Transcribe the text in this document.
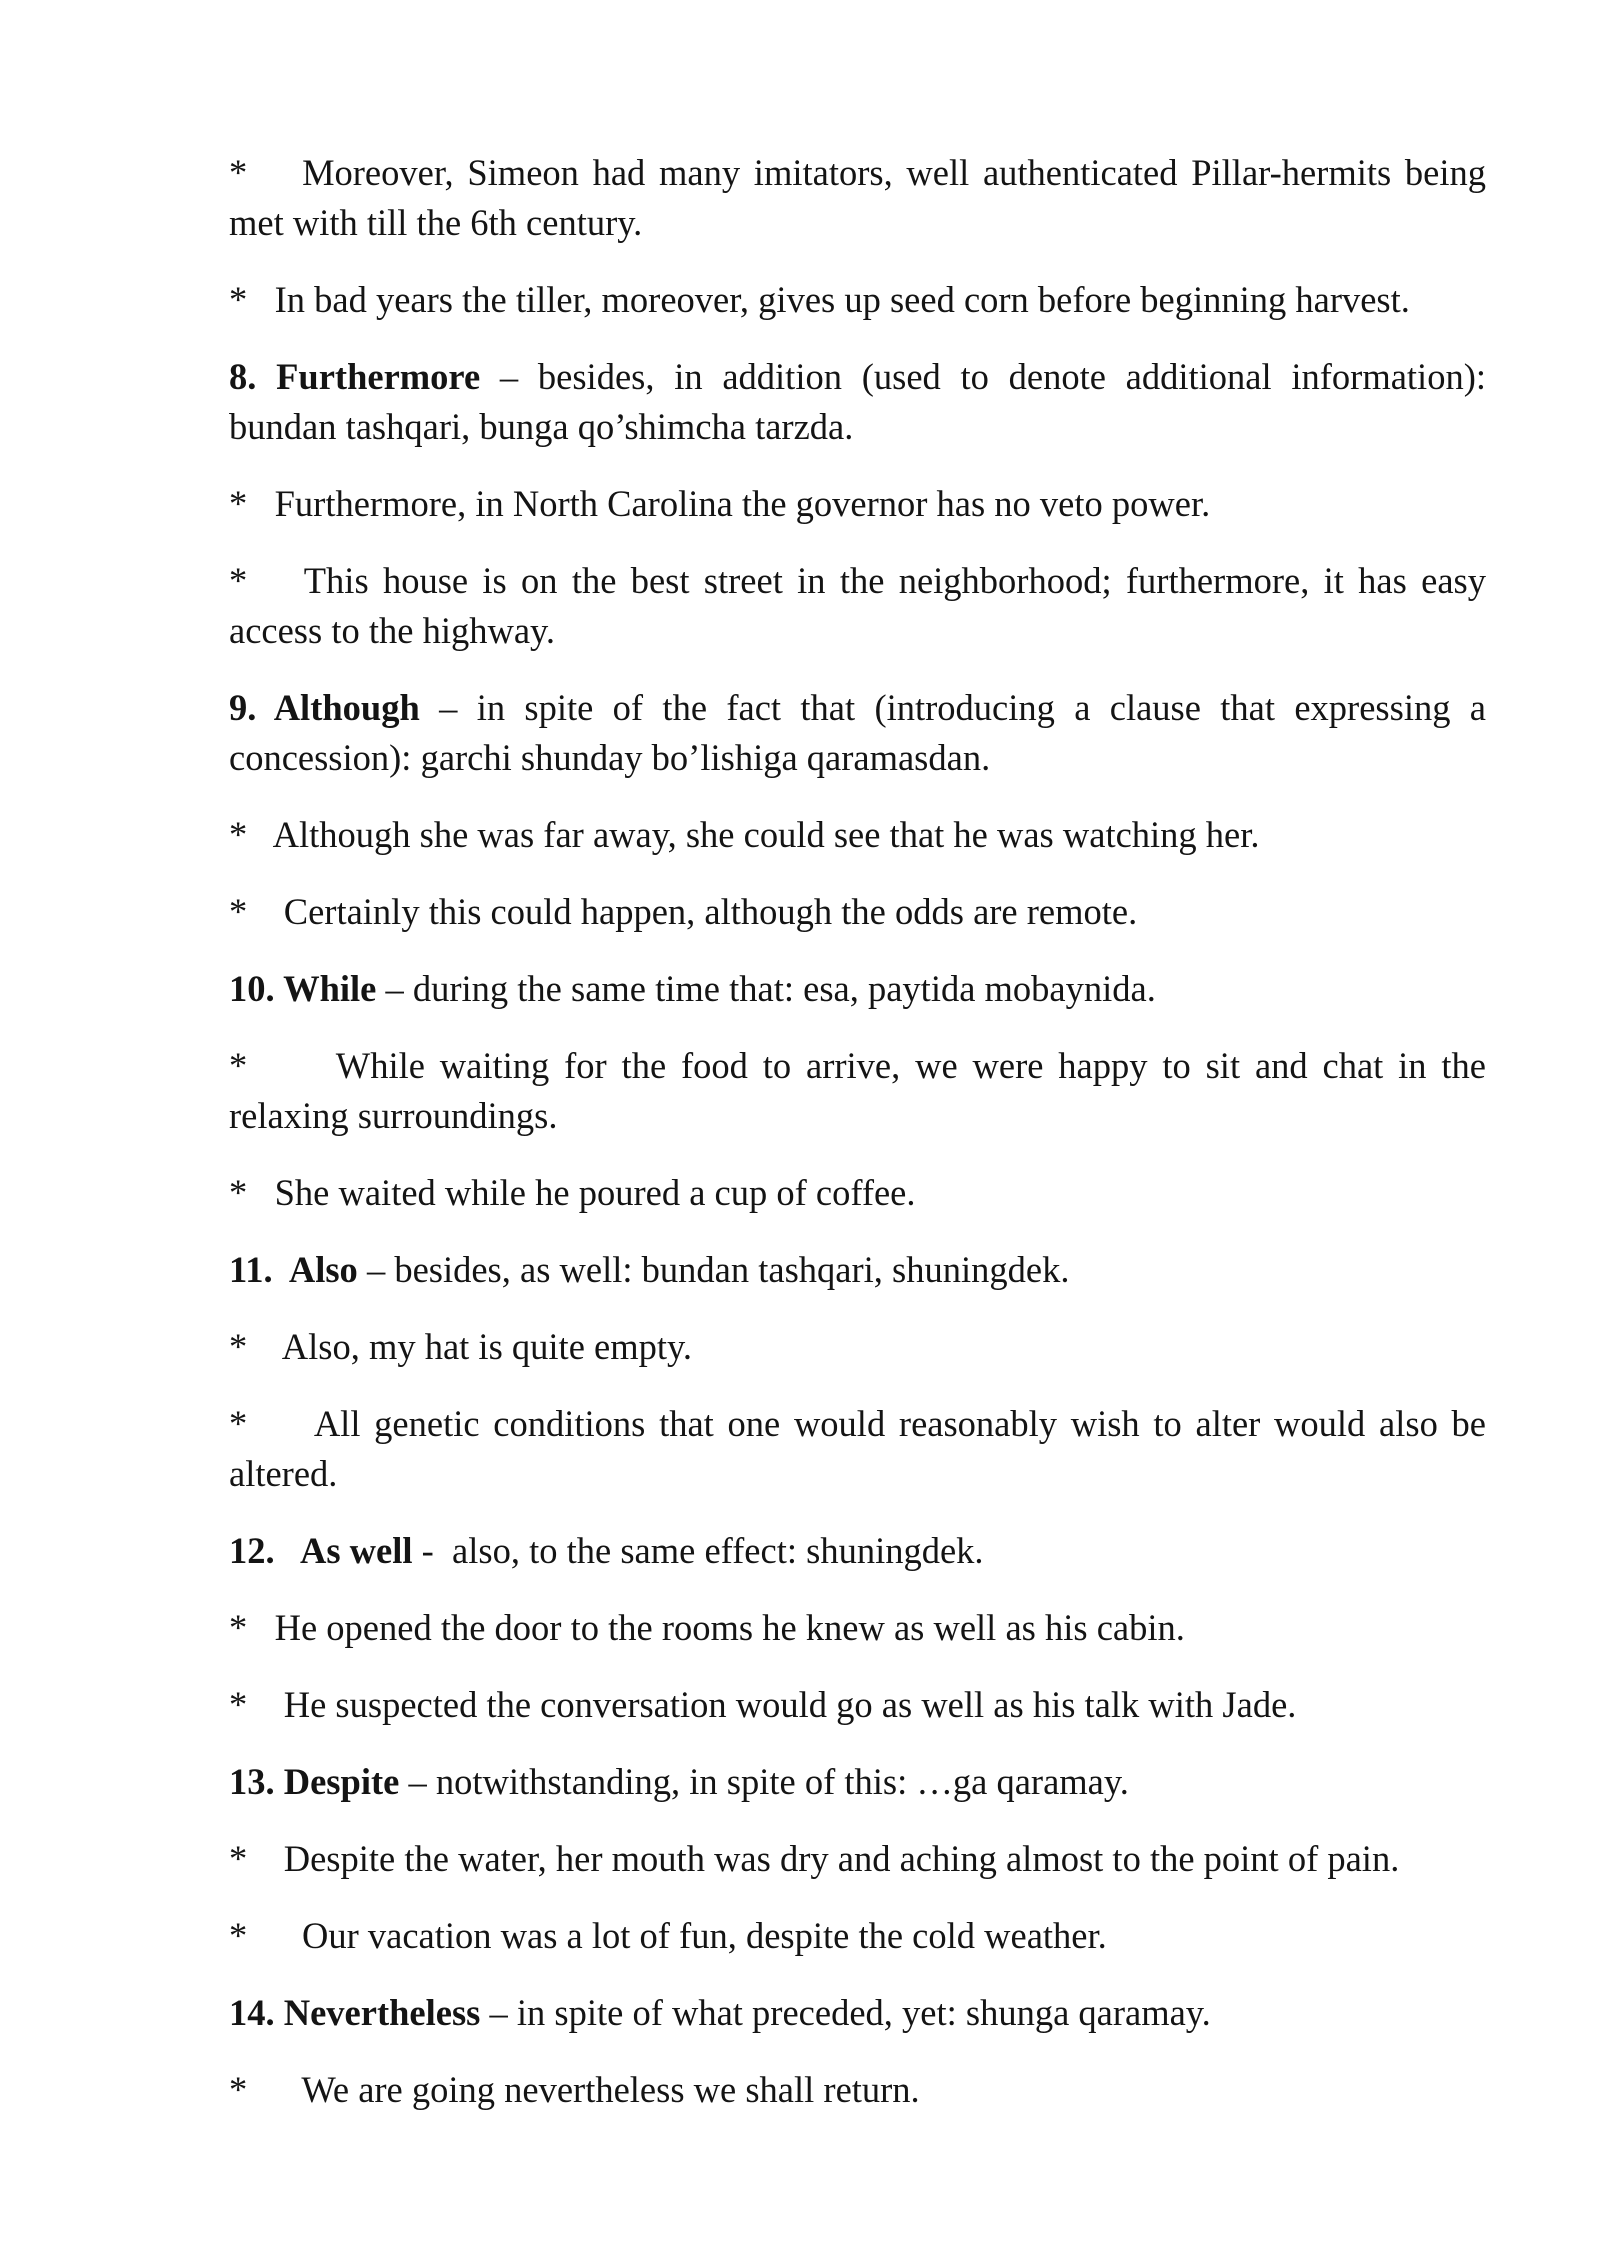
* Moreover, Simeon had many imitators, well authenticated Pillar-hermits being met with till the 6th century.

* In bad years the tiller, moreover, gives up seed corn before beginning harvest.

8. Furthermore – besides, in addition (used to denote additional information): bundan tashqari, bunga qo’shimcha tarzda.

* Furthermore, in North Carolina the governor has no veto power.

* This house is on the best street in the neighborhood; furthermore, it has easy access to the highway.

9. Although – in spite of the fact that (introducing a clause that expressing a concession): garchi shunday bo’lishiga qaramasdan.

* Although she was far away, she could see that he was watching her.

* Certainly this could happen, although the odds are remote.

10. While – during the same time that: esa, paytida mobaynida.

* While waiting for the food to arrive, we were happy to sit and chat in the relaxing surroundings.

* She waited while he poured a cup of coffee.

11.  Also – besides, as well: bundan tashqari, shuningdek.

* Also, my hat is quite empty.

* All genetic conditions that one would reasonably wish to alter would also be altered.

12.   As well -  also, to the same effect: shuningdek.

* He opened the door to the rooms he knew as well as his cabin.

* He suspected the conversation would go as well as his talk with Jade.

13. Despite – notwithstanding, in spite of this: …ga qaramay.

* Despite the water, her mouth was dry and aching almost to the point of pain.

* Our vacation was a lot of fun, despite the cold weather.

14. Nevertheless – in spite of what preceded, yet: shunga qaramay.

* We are going nevertheless we shall return.
